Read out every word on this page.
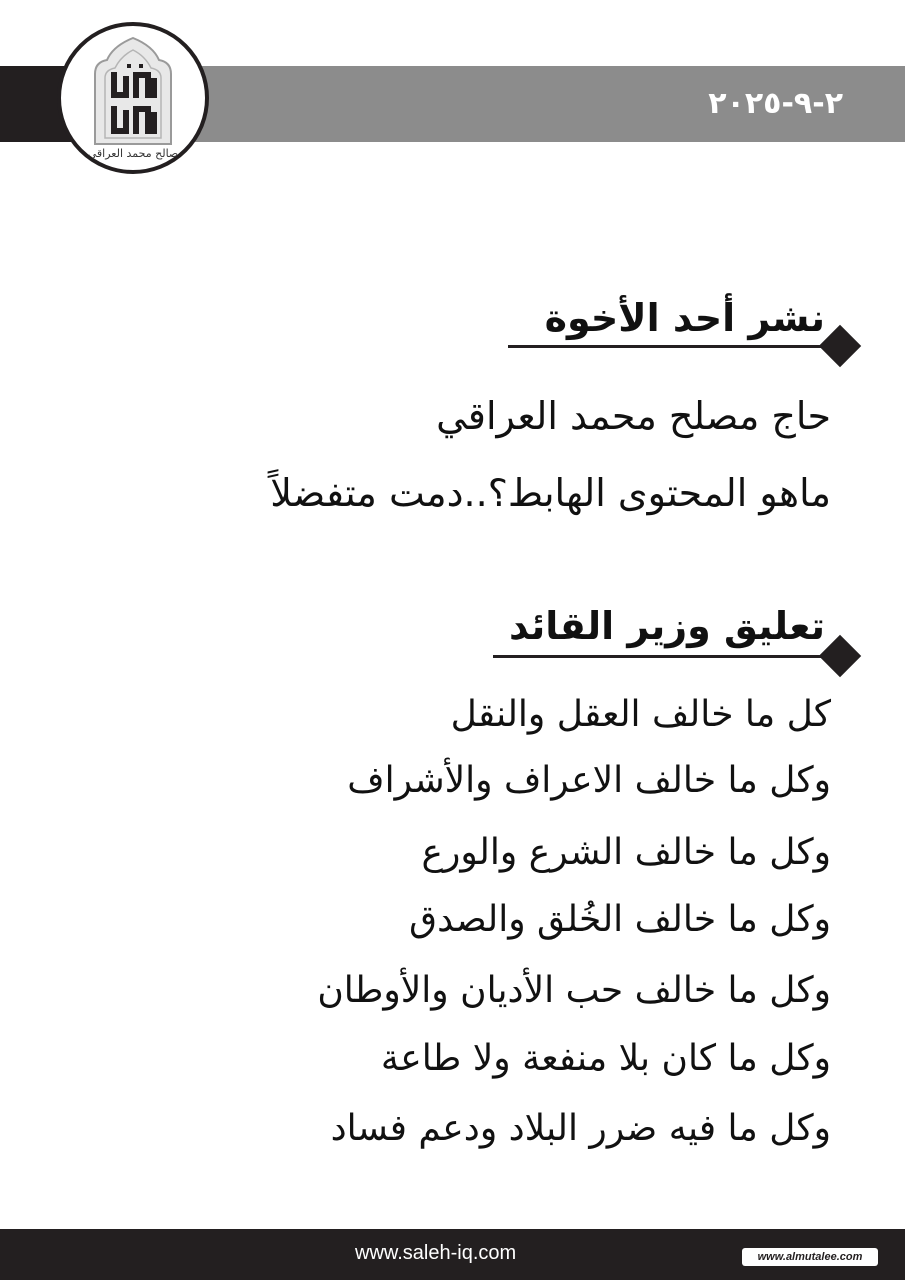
٢-٩-٢٠٢٥
صالح محمد العراقي
نشر أحد الأخوة
حاج مصلح محمد العراقي
ماهو المحتوى الهابط؟..دمت متفضلاً
تعليق وزير القائد
كل ما خالف العقل والنقل
وكل ما خالف الاعراف والأشراف
وكل ما خالف الشرع والورع
وكل ما خالف الخُلق والصدق
وكل ما خالف حب الأديان والأوطان
وكل ما كان بلا منفعة ولا طاعة
وكل ما فيه ضرر البلاد ودعم فساد
www.saleh-iq.com	www.almutalee.com
